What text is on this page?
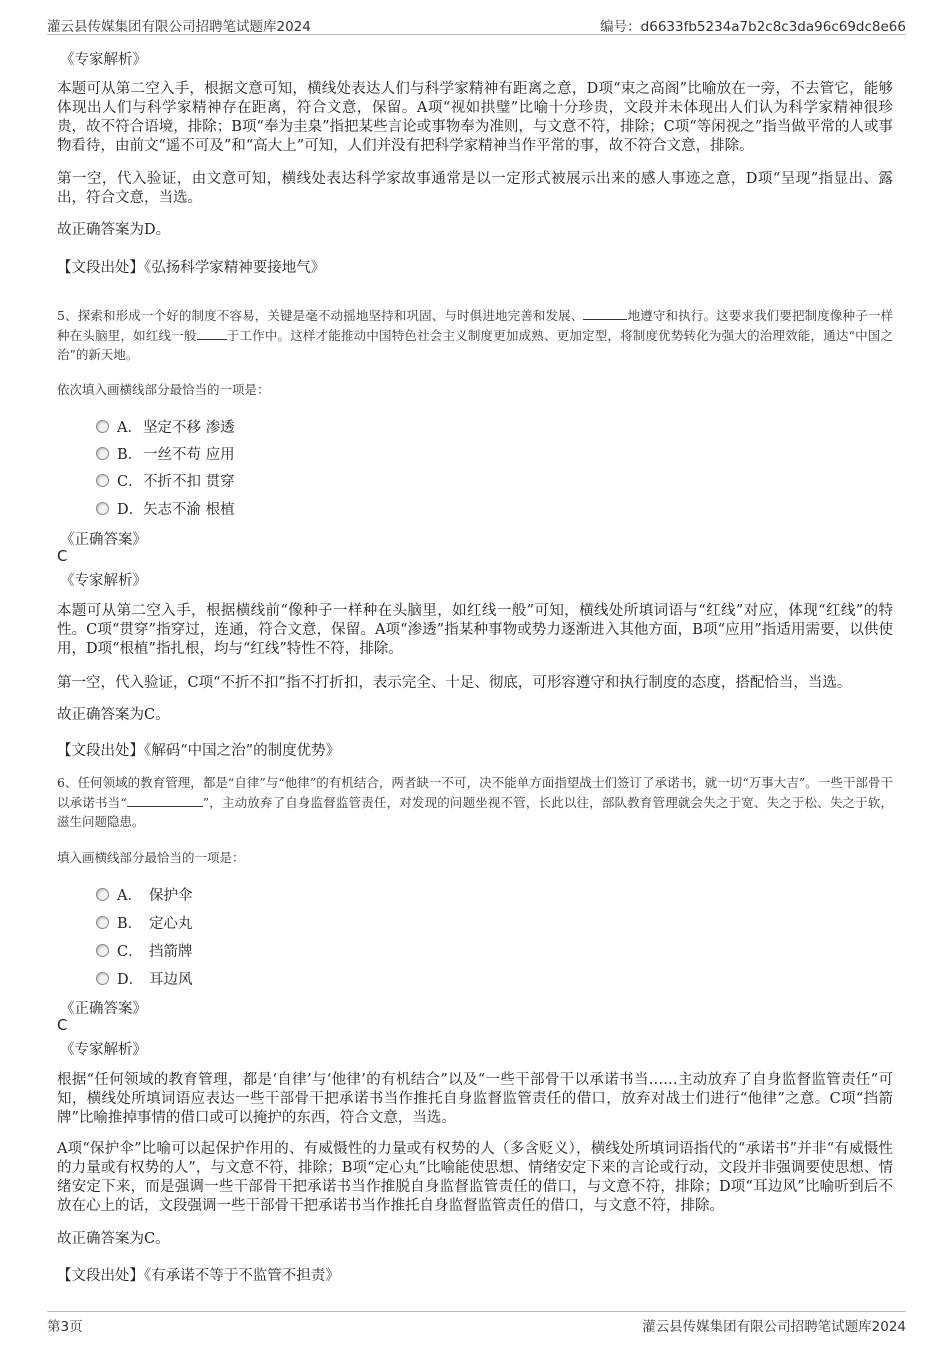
灌云县传媒集团有限公司招聘笔试题库2024	编号：d6633fb5234a7b2c8c3da96c69dc8e66
《专家解析》

本题可从第二空入手，根据文意可知，横线处表达人们与科学家精神有距离之意，D项“束之高阁”比喻放在一旁，不去管它，能够体现出人们与科学家精神存在距离，符合文意，保留。A项“视如拱璧”比喻十分珍贵，文段并未体现出人们认为科学家精神很珍贵，故不符合语境，排除；B项“奉为圭臬”指把某些言论或事物奉为准则，与文意不符，排除；C项“等闲视之”指当做平常的人或事物看待，由前文“遥不可及”和“高大上”可知，人们并没有把科学家精神当作平常的事，故不符合文意，排除。

第一空，代入验证，由文意可知，横线处表达科学家故事通常是以一定形式被展示出来的感人事迹之意，D项“呈现”指显出、露出，符合文意，当选。

故正确答案为D。

【文段出处】《弘扬科学家精神要接地气》
5、探索和形成一个好的制度不容易，关键是毫不动摇地坚持和巩固、与时俱进地完善和发展、	地遵守和执行。这要求我们要把制度像种子一样种在头脑里，如红线一般 于工作中。这样才能推动中国特色社会主义制度更加成熟、更加定型，将制度优势转化为强大的治理效能，通达“中国之治”的新天地。
依次填入画横线部分最恰当的一项是：
A． 坚定不移 渗透
B． 一丝不苟 应用
C． 不折不扣 贯穿
D． 矢志不渝 根植
《正确答案》
C
《专家解析》

本题可从第二空入手，根据横线前“像种子一样种在头脑里，如红线一般”可知，横线处所填词语与“红线”对应，体现“红线”的特性。C项“贯穿”指穿过，连通，符合文意，保留。A项“渗透”指某种事物或势力逐渐进入其他方面，B项“应用”指适用需要，以供使用，D项“根植”指扎根，均与“红线”特性不符，排除。

第一空，代入验证，C项“不折不扣”指不打折扣，表示完全、十足、彻底，可形容遵守和执行制度的态度，搭配恰当，当选。

故正确答案为C。

【文段出处】《解码“中国之治”的制度优势》
6、任何领域的教育管理，都是“自律”与“他律”的有机结合，两者缺一不可，决不能单方面指望战士们签订了承诺书，就一切“万事大吉”。一些干部骨干以承诺书当“	”，主动放弃了自身监督监管责任，对发现的问题坐视不管，长此以往，部队教育管理就会失之于宽、失之于松、失之于软，滋生问题隐患。
填入画横线部分最恰当的一项是：
A． 保护伞
B． 定心丸
C． 挡箭牌
D． 耳边风
《正确答案》
C
《专家解析》

根据“任何领域的教育管理，都是‘自律’与‘他律’的有机结合”以及“一些干部骨干以承诺书当……主动放弃了自身监督监管责任”可知，横线处所填词语应表达一些干部骨干把承诺书当作推托自身监督监管责任的借口，放弃对战士们进行“他律”之意。C项“挡箭牌”比喻推掉事情的借口或可以掩护的东西，符合文意，当选。

A项“保护伞”比喻可以起保护作用的、有威慑性的力量或有权势的人（多含贬义），横线处所填词语指代的“承诺书”并非“有威慑性的力量或有权势的人”，与文意不符，排除；B项“定心丸”比喻能使思想、情绪安定下来的言论或行动，文段并非强调要使思想、情绪安定下来，而是强调一些干部骨干把承诺书当作推脱自身监督监管责任的借口，与文意不符，排除；D项“耳边风”比喻听到后不放在心上的话，文段强调一些干部骨干把承诺书当作推托自身监督监管责任的借口，与文意不符，排除。

故正确答案为C。

【文段出处】《有承诺不等于不监管不担责》
第3页	灌云县传媒集团有限公司招聘笔试题库2024
